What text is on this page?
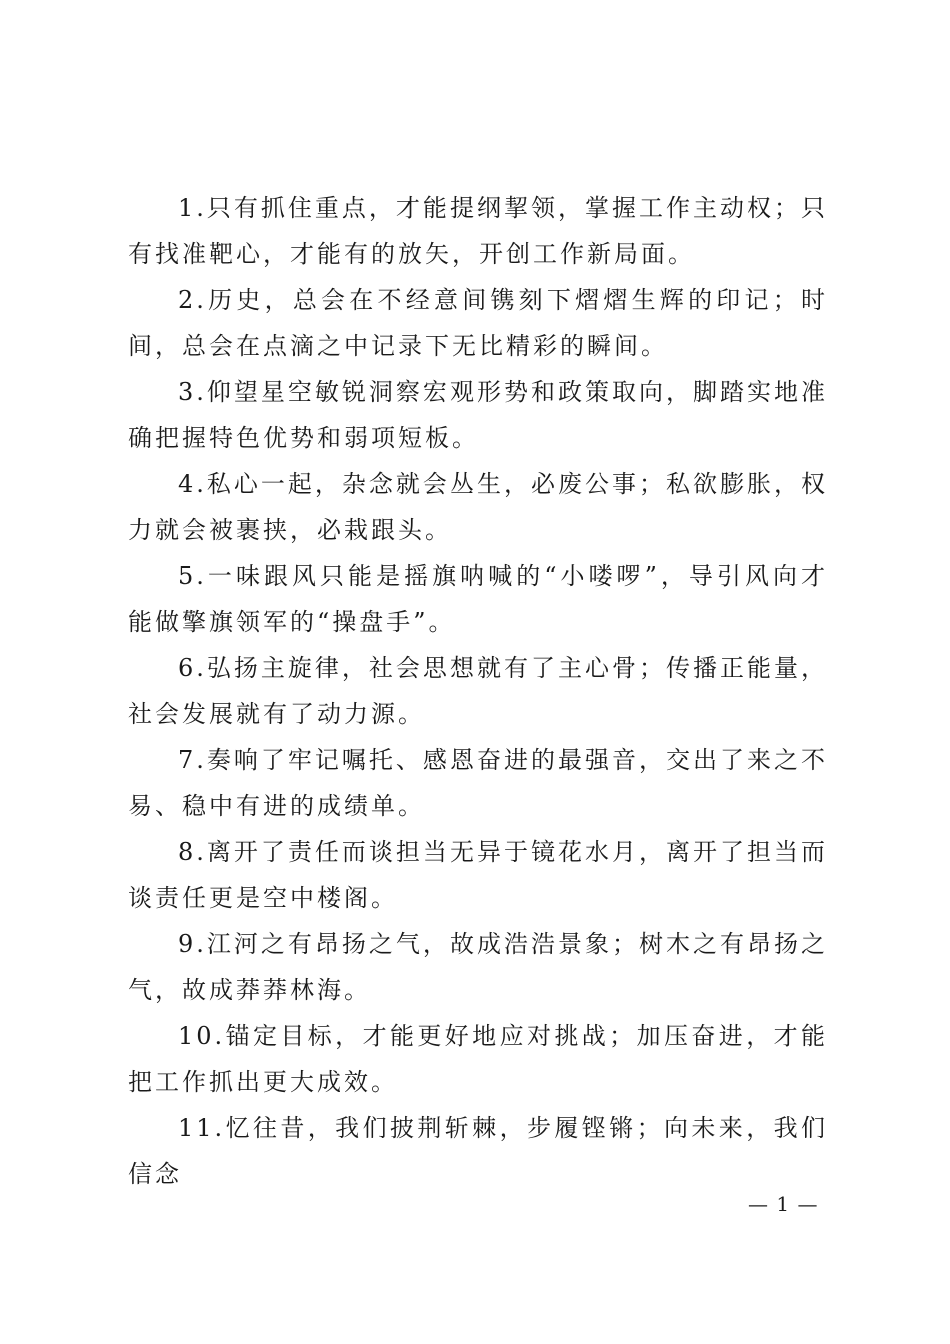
1.只有抓住重点，才能提纲挈领，掌握工作主动权；只有找准靶心，才能有的放矢，开创工作新局面。

2.历史，总会在不经意间镌刻下熠熠生辉的印记；时间，总会在点滴之中记录下无比精彩的瞬间。

3.仰望星空敏锐洞察宏观形势和政策取向，脚踏实地准确把握特色优势和弱项短板。

4.私心一起，杂念就会丛生，必废公事；私欲膨胀，权力就会被裹挟，必栽跟头。

5.一味跟风只能是摇旗呐喊的“小喽啰”，导引风向才能做擎旗领军的“操盘手”。

6.弘扬主旋律，社会思想就有了主心骨；传播正能量，社会发展就有了动力源。

7.奏响了牢记嘱托、感恩奋进的最强音，交出了来之不易、稳中有进的成绩单。

8.离开了责任而谈担当无异于镜花水月，离开了担当而谈责任更是空中楼阁。

9.江河之有昂扬之气，故成浩浩景象；树木之有昂扬之气，故成莽莽林海。

10.锚定目标，才能更好地应对挑战；加压奋进，才能把工作抓出更大成效。

11.忆往昔，我们披荆斩棘，步履铿锵；向未来，我们信念

— 1 —
